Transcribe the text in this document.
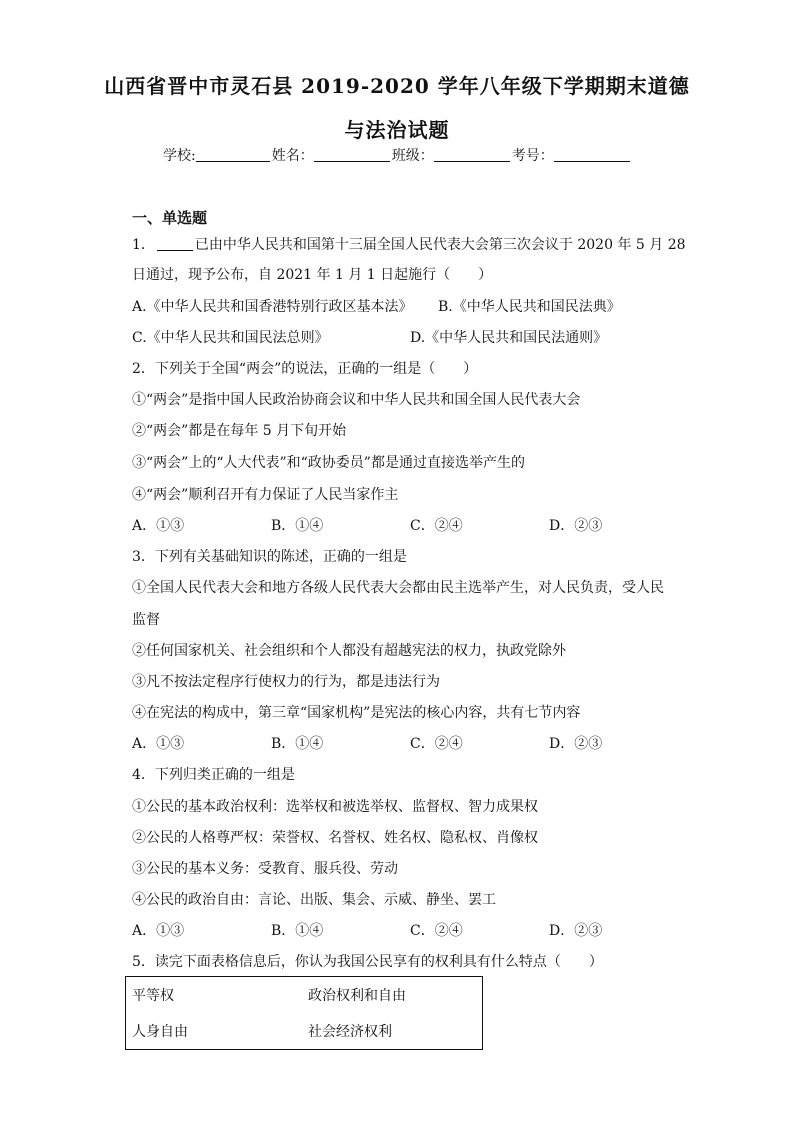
山西省晋中市灵石县 2019-2020 学年八年级下学期期末道德
与法治试题
学校:	姓名：	班级：	考号：
一、单选题
1．	已由中华人民共和国第十三届全国人民代表大会第三次会议于 2020 年 5 月 28
日通过，现予公布，自 2021 年 1 月 1 日起施行（　　）
A.《中华人民共和国香港特别行政区基本法》 B.《中华人民共和国民法典》
C.《中华人民共和国民法总则》	D.《中华人民共和国民法通则》
2．下列关于全国“两会”的说法，正确的一组是（　　）
①“两会”是指中国人民政治协商会议和中华人民共和国全国人民代表大会
②“两会”都是在每年 5 月下旬开始
③“两会”上的“人大代表”和“政协委员”都是通过直接选举产生的
④“两会”顺利召开有力保证了人民当家作主
A．①③	B．①④	C．②④	D．②③
3．下列有关基础知识的陈述，正确的一组是
①全国人民代表大会和地方各级人民代表大会都由民主选举产生，对人民负责，受人民
监督
②任何国家机关、社会组织和个人都没有超越宪法的权力，执政党除外
③凡不按法定程序行使权力的行为，都是违法行为
④在宪法的构成中，第三章“国家机构”是宪法的核心内容，共有七节内容
A．①③	B．①④	C．②④	D．②③
4．下列归类正确的一组是
①公民的基本政治权利：选举权和被选举权、监督权、智力成果权
②公民的人格尊严权：荣誉权、名誉权、姓名权、隐私权、肖像权
③公民的基本义务：受教育、服兵役、劳动
④公民的政治自由：言论、出版、集会、示威、静坐、罢工
A．①③	B．①④	C．②④	D．②③
5．读完下面表格信息后，你认为我国公民享有的权利具有什么特点（　　）
平等权	政治权利和自由
人身自由	社会经济权利
